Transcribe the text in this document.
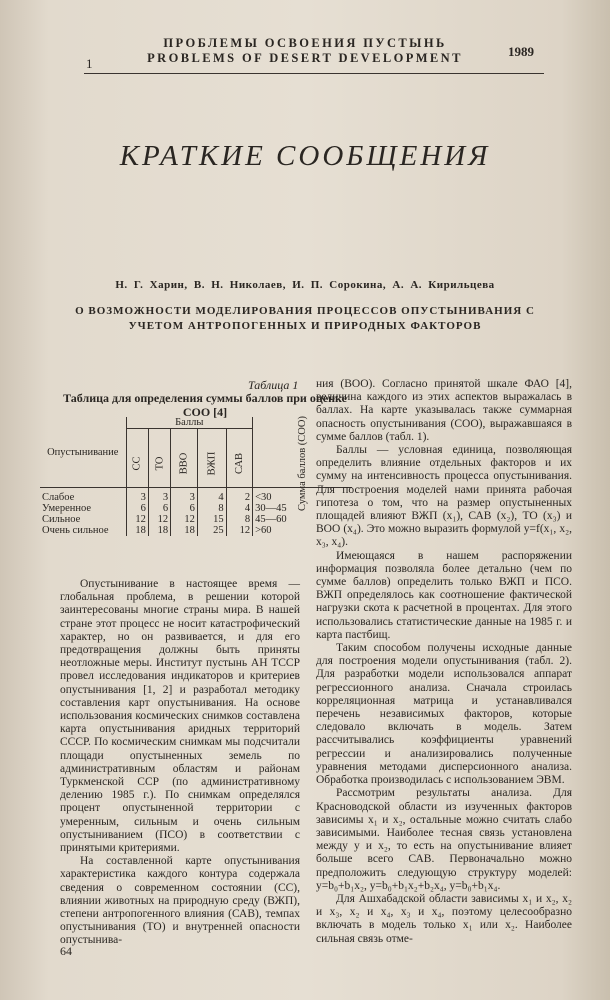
1
ПРОБЛЕМЫ ОСВОЕНИЯ ПУСТЫНЬ
PROBLEMS OF DESERT DEVELOPMENT	1989
КРАТКИЕ СООБЩЕНИЯ
Н. Г. Харин, В. Н. Николаев, И. П. Сорокина, А. А. Кирильцева
О ВОЗМОЖНОСТИ МОДЕЛИРОВАНИЯ ПРОЦЕССОВ ОПУСТЫНИВАНИЯ С УЧЕТОМ АНТРОПОГЕННЫХ И ПРИРОДНЫХ ФАКТОРОВ
Таблица 1
Таблица для определения суммы баллов при оценке СОО [4]
Опустынивание	Баллы					Сумма баллов (СОО)
	СС	ТО	ВВО	ВЖП	САВ	
Слабое	3	3	3	4	2	<30
Умеренное	6	6	6	8	4	30—45
Сильное	12	12	12	15	8	45—60
Очень сильное	18	18	18	25	12	>60

Опустынивание в настоящее время — глобальная проблема, в решении которой заинтересованы многие страны мира. В нашей стране этот процесс не носит катастрофический характер, но он развивается, и для его предотвращения должны быть приняты неотложные меры. Институт пустынь АН ТССР провел исследования индикаторов и критериев опустынивания [1, 2] и разработал методику составления карт опустынивания. На основе использования космических снимков составлена карта опустынивания аридных территорий СССР. По космическим снимкам мы подсчитали площади опустыненных земель по административным областям и районам Туркменской ССР (по административному делению 1985 г.). По снимкам определялся процент опустыненной территории с умеренным, сильным и очень сильным опустыниванием (ПСО) в соответствии с принятыми критериями.

На составленной карте опустынивания характеристика каждого контура содержала сведения о современном состоянии (СС), влиянии животных на природную среду (ВЖП), степени антропогенного влияния (САВ), темпах опустынивания (ТО) и внутренней опасности опустынива-

ния (ВОО). Согласно принятой шкале ФАО [4], величина каждого из этих аспектов выражалась в баллах. На карте указывалась также суммарная опасность опустынивания (СОО), выражавшаяся в сумме баллов (табл. 1).

Баллы — условная единица, позволяющая определить влияние отдельных факторов и их сумму на интенсивность процесса опустынивания. Для построения моделей нами принята рабочая гипотеза о том, что на размер опустыненных площадей влияют ВЖП (x₁), САВ (x₂), ТО (x₃) и ВОО (x₄). Это можно выразить формулой y=f(x₁, x₂, x₃, x₄).

Имеющаяся в нашем распоряжении информация позволяла более детально (чем по сумме баллов) определить только ВЖП и ПСО. ВЖП определялось как соотношение фактической нагрузки скота к расчетной в процентах. Для этого использовались статистические данные на 1985 г. и карта пастбищ.

Таким способом получены исходные данные для построения модели опустынивания (табл. 2). Для разработки модели использовался аппарат регрессионного анализа. Сначала строилась корреляционная матрица и устанавливался перечень независимых факторов, которые следовало включать в модель. Затем рассчитывались коэффициенты уравнений регрессии и анализировались полученные уравнения методами дисперсионного анализа. Обработка производилась с использованием ЭВМ.

Рассмотрим результаты анализа. Для Красноводской области из изученных факторов зависимы x₁ и x₂, остальные можно считать слабо зависимыми. Наиболее тесная связь установлена между y и x₂, то есть на опустынивание влияет больше всего САВ. Первоначально можно предположить следующую структуру моделей: y=b₀+b₁x₂, y=b₀+b₁x₂+b₂x₄, y=b₀+b₁x₄.

Для Ашхабадской области зависимы x₁ и x₂, x₂ и x₃, x₂ и x₄, x₃ и x₄, поэтому целесообразно включать в модель только x₁ или x₂. Наиболее сильная связь отме-

64
